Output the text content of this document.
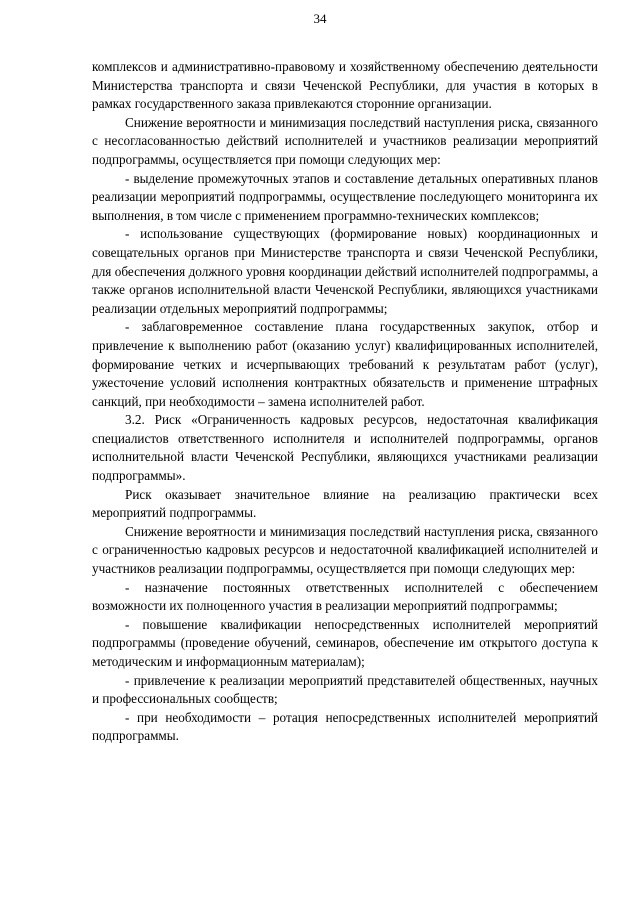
34

комплексов и административно-правовому и хозяйственному обеспечению деятельности Министерства транспорта и связи Чеченской Республики, для участия в которых в рамках государственного заказа привлекаются сторонние организации.

Снижение вероятности и минимизация последствий наступления риска, связанного с несогласованностью действий исполнителей и участников реализации мероприятий подпрограммы, осуществляется при помощи следующих мер:

- выделение промежуточных этапов и составление детальных оперативных планов реализации мероприятий подпрограммы, осуществление последующего мониторинга их выполнения, в том числе с применением программно-технических комплексов;

- использование существующих (формирование новых) координационных и совещательных органов при Министерстве транспорта и связи Чеченской Республики, для обеспечения должного уровня координации действий исполнителей подпрограммы, а также органов исполнительной власти Чеченской Республики, являющихся участниками реализации отдельных мероприятий подпрограммы;

- заблаговременное составление плана государственных закупок, отбор и привлечение к выполнению работ (оказанию услуг) квалифицированных исполнителей, формирование четких и исчерпывающих требований к результатам работ (услуг), ужесточение условий исполнения контрактных обязательств и применение штрафных санкций, при необходимости – замена исполнителей работ.

3.2. Риск «Ограниченность кадровых ресурсов, недостаточная квалификация специалистов ответственного исполнителя и исполнителей подпрограммы, органов исполнительной власти Чеченской Республики, являющихся участниками реализации подпрограммы».

Риск оказывает значительное влияние на реализацию практически всех мероприятий подпрограммы.

Снижение вероятности и минимизация последствий наступления риска, связанного с ограниченностью кадровых ресурсов и недостаточной квалификацией исполнителей и участников реализации подпрограммы, осуществляется при помощи следующих мер:

- назначение постоянных ответственных исполнителей с обеспечением возможности их полноценного участия в реализации мероприятий подпрограммы;

- повышение квалификации непосредственных исполнителей мероприятий подпрограммы (проведение обучений, семинаров, обеспечение им открытого доступа к методическим и информационным материалам);

- привлечение к реализации мероприятий представителей общественных, научных и профессиональных сообществ;

- при необходимости – ротация непосредственных исполнителей мероприятий подпрограммы.
